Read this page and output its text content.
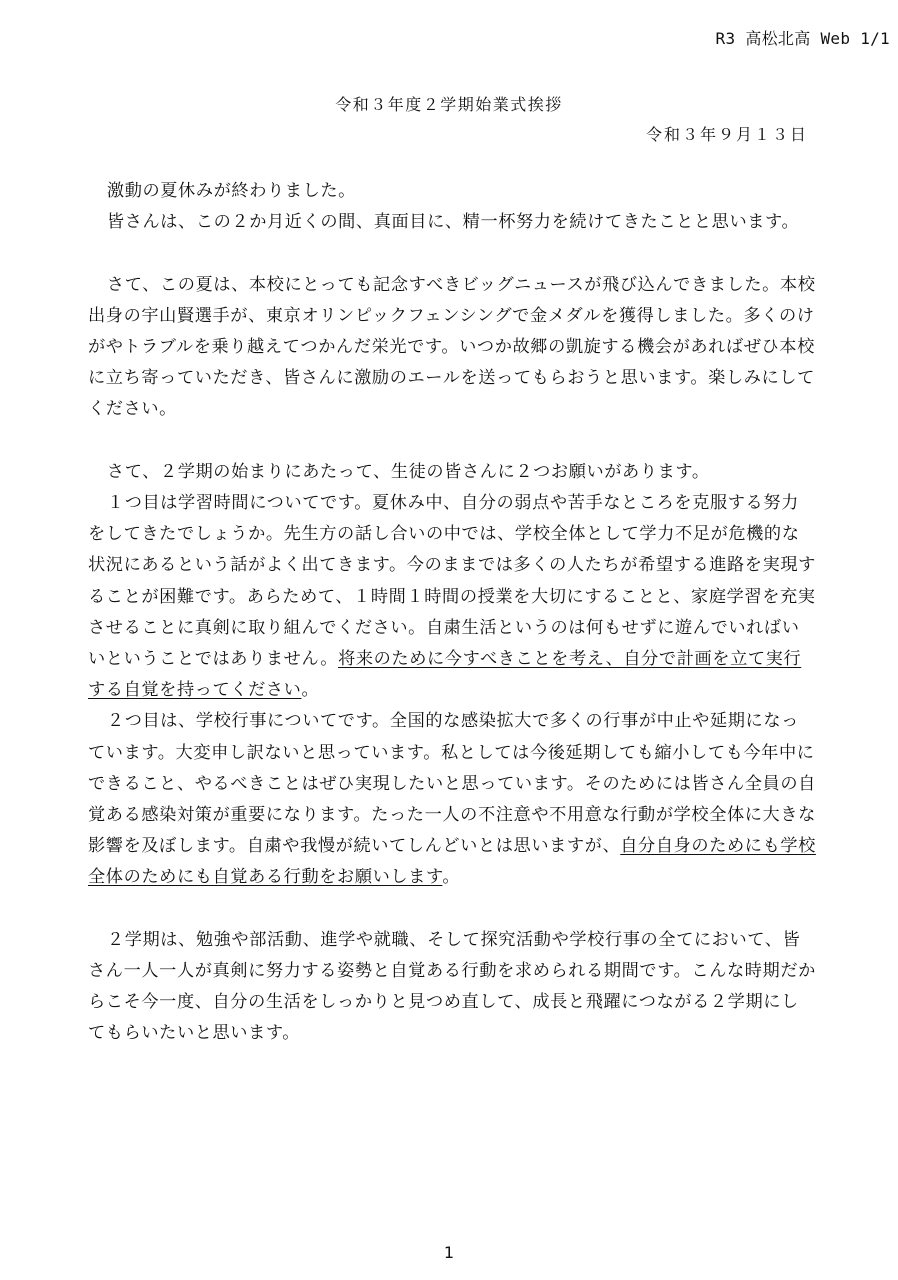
R3 高松北高 Web 1/1
令和３年度２学期始業式挨拶
令和３年９月１３日

激動の夏休みが終わりました。

皆さんは、この２か月近くの間、真面目に、精一杯努力を続けてきたことと思います。

さて、この夏は、本校にとっても記念すべきビッグニュースが飛び込んできました。本校出身の宇山賢選手が、東京オリンピックフェンシングで金メダルを獲得しました。多くのけがやトラブルを乗り越えてつかんだ栄光です。いつか故郷の凱旋する機会があればぜひ本校に立ち寄っていただき、皆さんに激励のエールを送ってもらおうと思います。楽しみにしてください。

さて、２学期の始まりにあたって、生徒の皆さんに２つお願いがあります。

１つ目は学習時間についてです。夏休み中、自分の弱点や苦手なところを克服する努力をしてきたでしょうか。先生方の話し合いの中では、学校全体として学力不足が危機的な状況にあるという話がよく出てきます。今のままでは多くの人たちが希望する進路を実現することが困難です。あらためて、１時間１時間の授業を大切にすることと、家庭学習を充実させることに真剣に取り組んでください。自粛生活というのは何もせずに遊んでいればいいということではありません。将来のために今すべきことを考え、自分で計画を立て実行する自覚を持ってください。

２つ目は、学校行事についてです。全国的な感染拡大で多くの行事が中止や延期になっています。大変申し訳ないと思っています。私としては今後延期しても縮小しても今年中にできること、やるべきことはぜひ実現したいと思っています。そのためには皆さん全員の自覚ある感染対策が重要になります。たった一人の不注意や不用意な行動が学校全体に大きな影響を及ぼします。自粛や我慢が続いてしんどいとは思いますが、自分自身のためにも学校全体のためにも自覚ある行動をお願いします。

２学期は、勉強や部活動、進学や就職、そして探究活動や学校行事の全てにおいて、皆さん一人一人が真剣に努力する姿勢と自覚ある行動を求められる期間です。こんな時期だからこそ今一度、自分の生活をしっかりと見つめ直して、成長と飛躍につながる２学期にしてもらいたいと思います。

1
